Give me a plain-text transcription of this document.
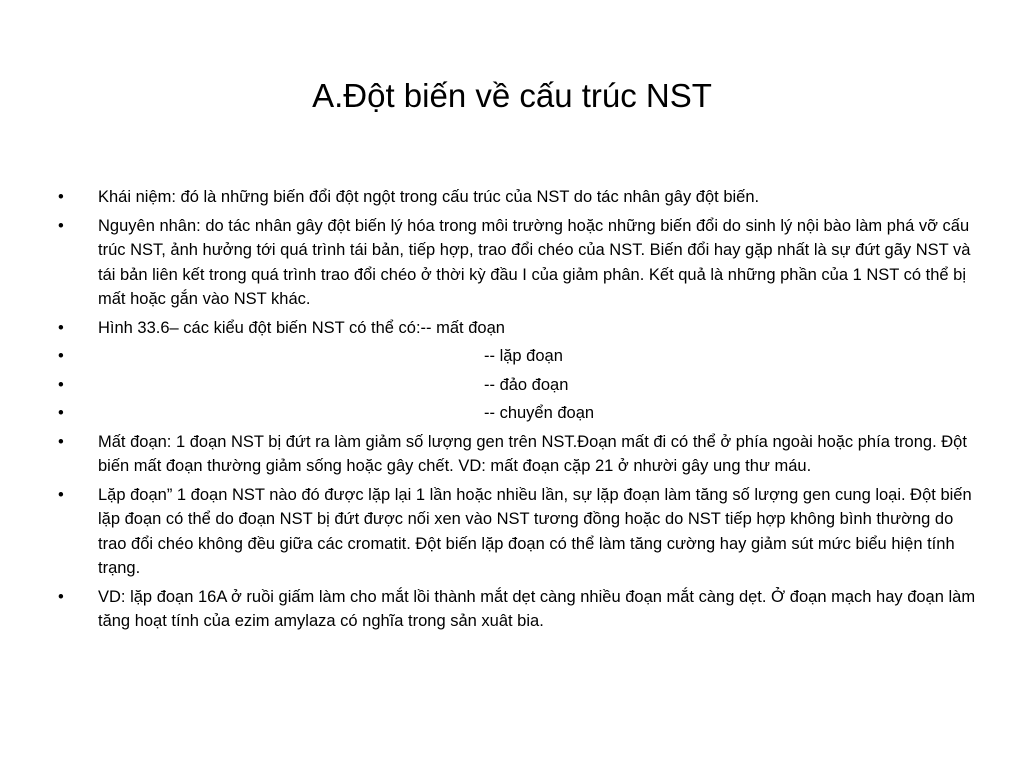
A.Đột biến về cấu trúc NST
•	Khái niệm: đó là những biến đổi đột ngột trong cấu trúc của NST do tác nhân gây đột biến.
•	Nguyên nhân: do tác nhân gây đột biến lý hóa trong môi trường hoặc những biến đổi do sinh lý nội bào làm phá vỡ cấu trúc NST, ảnh hưởng tới quá trình tái bản, tiếp hợp, trao đổi chéo của NST. Biến đổi hay gặp nhất là sự đứt gãy NST và tái bản liên kết trong quá trình trao đổi chéo ở thời kỳ đầu I của giảm phân. Kết quả là những phần của 1 NST có thể bị mất hoặc gắn vào NST khác.
•	Hình 33.6– các kiểu đột biến NST có thể có:-- mất đoạn
•	-- lặp đoạn
•	-- đảo đoạn
•	-- chuyển đoạn
•	Mất đoạn: 1 đoạn NST bị đứt ra làm giảm số lượng gen trên NST.Đoạn mất đi có thể ở phía ngoài hoặc phía trong. Đột biến mất đoạn thường giảm sống hoặc gây chết. VD: mất đoạn cặp 21 ở nhười gây ung thư máu.
•	Lặp đoạn” 1 đoạn NST nào đó được lặp lại 1 lần hoặc nhiều lần, sự lặp đoạn làm tăng số lượng gen cung loại. Đột biến lặp đoạn có thể do đoạn NST bị đứt được nối xen vào NST tương đồng hoặc do NST tiếp hợp không bình thường do trao đổi chéo không đều giữa các cromatit. Đột biến lặp đoạn có thể làm tăng cường hay giảm sút mức biểu hiện tính trạng.
•	VD: lặp đoạn 16A ở ruồi giấm làm cho mắt lồi thành mắt dẹt càng nhiều đoạn mắt càng dẹt. Ở đoạn mạch hay đoạn làm tăng hoạt tính của ezim amylaza có nghĩa trong sản xuât bia.
